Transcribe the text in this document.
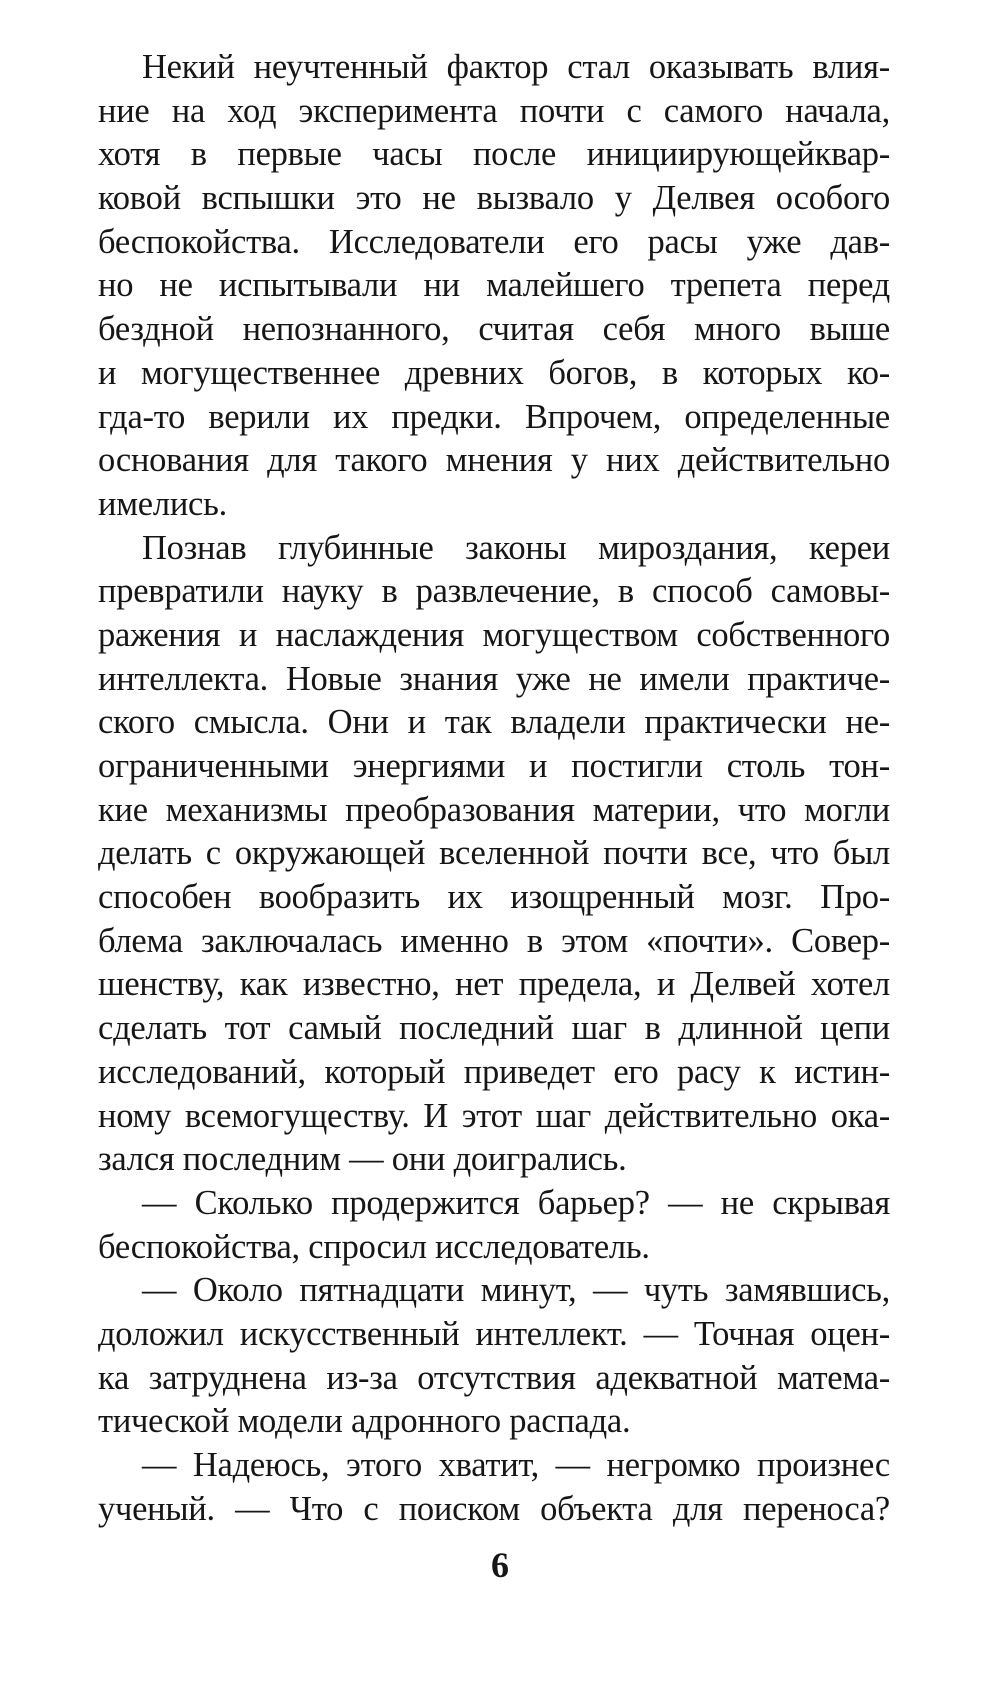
Некий неучтенный фактор стал оказывать влия-
ние на ход эксперимента почти с самого начала,
хотя в первые часы после инициирующейквар-
ковой вспышки это не вызвало у Делвея особого
беспокойства. Исследователи его расы уже дав-
но не испытывали ни малейшего трепета перед
бездной непознанного, считая себя много выше
и могущественнее древних богов, в которых ко-
гда-то верили их предки. Впрочем, определенные
основания для такого мнения у них действительно
имелись.
Познав глубинные законы мироздания, кереи
превратили науку в развлечение, в способ самовы-
ражения и наслаждения могуществом собственного
интеллекта. Новые знания уже не имели практиче-
ского смысла. Они и так владели практически не-
ограниченными энергиями и постигли столь тон-
кие механизмы преобразования материи, что могли
делать с окружающей вселенной почти все, что был
способен вообразить их изощренный мозг. Про-
блема заключалась именно в этом «почти». Совер-
шенству, как известно, нет предела, и Делвей хотел
сделать тот самый последний шаг в длинной цепи
исследований, который приведет его расу к истин-
ному всемогуществу. И этот шаг действительно ока-
зался последним — они доигрались.
— Сколько продержится барьер? — не скрывая
беспокойства, спросил исследователь.
— Около пятнадцати минут, — чуть замявшись,
доложил искусственный интеллект. — Точная оцен-
ка затруднена из-за отсутствия адекватной матема-
тической модели адронного распада.
— Надеюсь, этого хватит, — негромко произнес
ученый. — Что с поиском объекта для переноса?
6
